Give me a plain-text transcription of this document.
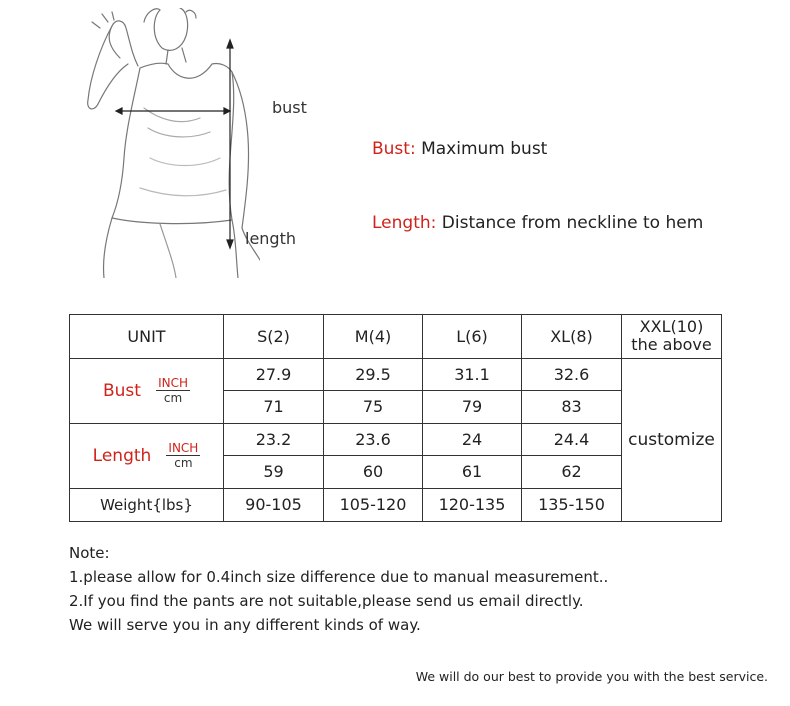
bust
length
Bust: Maximum bust
Length: Distance from neckline to hem
UNIT	S(2)	M(4)	L(6)	XL(8)	XXL(10)
the above

Bust $\frac{\text{INCH}}{cm}$	27.9	29.5	31.1	32.6	customize
	71	75	79	83	
Length $\frac{\text{INCH}}{cm}$	23.2	23.6	24	24.4	
	59	60	61	62	
Weight{lbs}	90-105	105-120	120-135	135-150	
Note:
1.please allow for 0.4inch size difference due to manual measurement..
2.If you find the pants are not suitable,please send us email directly.
We will serve you in any different kinds of way.
We will do our best to provide you with the best service.
